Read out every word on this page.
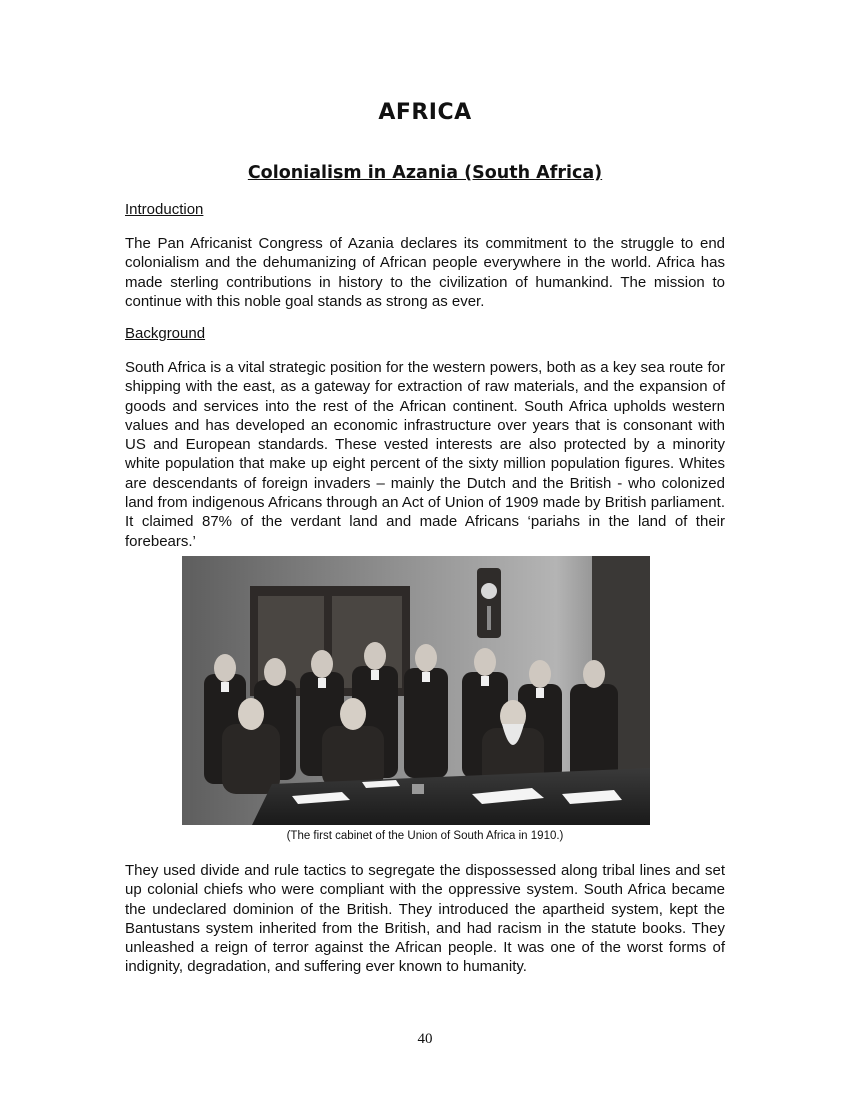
AFRICA
Colonialism in Azania (South Africa)

Introduction

The Pan Africanist Congress of Azania declares its commitment to the struggle to end colonialism and the dehumanizing of African people everywhere in the world. Africa has made sterling contributions in history to the civilization of humankind. The mission to continue with this noble goal stands as strong as ever.

Background

South Africa is a vital strategic position for the western powers, both as a key sea route for shipping with the east, as a gateway for extraction of raw materials, and the expansion of goods and services into the rest of the African continent. South Africa upholds western values and has developed an economic infrastructure over years that is consonant with US and European standards. These vested interests are also protected by a minority white population that make up eight percent of the sixty million population figures. Whites are descendants of foreign invaders – mainly the Dutch and the British - who colonized land from indigenous Africans through an Act of Union of 1909 made by British parliament. It claimed 87% of the verdant land and made Africans ‘pariahs in the land of their forebears.’

(The first cabinet of the Union of South Africa in 1910.)

They used divide and rule tactics to segregate the dispossessed along tribal lines and set up colonial chiefs who were compliant with the oppressive system. South Africa became the undeclared dominion of the British. They introduced the apartheid system, kept the Bantustans system inherited from the British, and had racism in the statute books. They unleashed a reign of terror against the African people. It was one of the worst forms of indignity, degradation, and suffering ever known to humanity.

40
